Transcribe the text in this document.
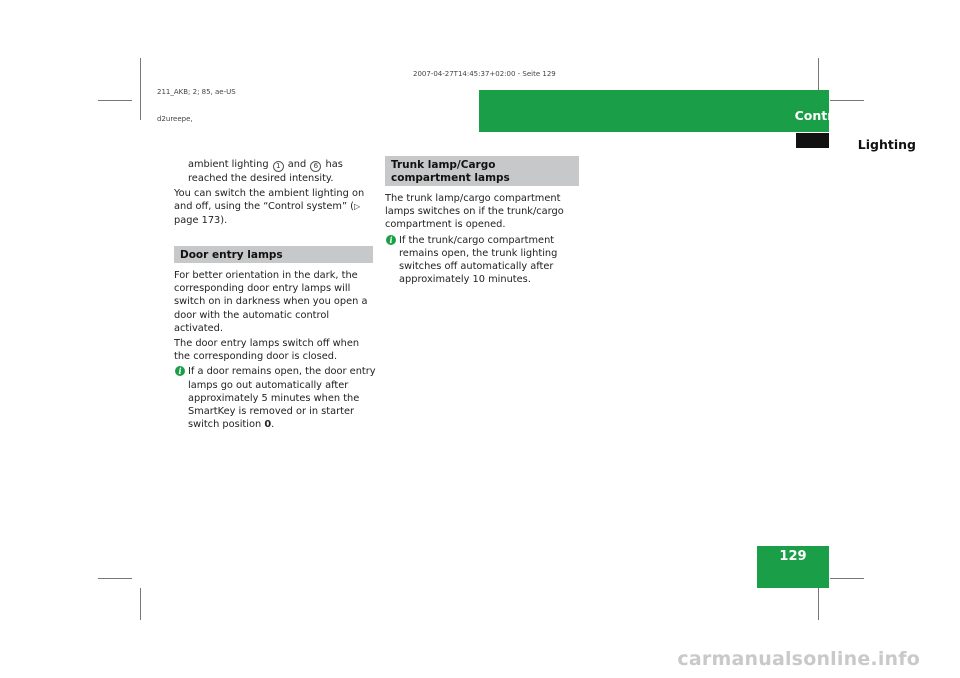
211_AKB; 2; 85, ae-US

d2ureepe,

2007-04-27T14:45:37+02:00 - Seite 129
Controls in detail
Lighting

ambient lighting 1 and 6 has reached the desired intensity.

You can switch the ambient lighting on and off, using the “Control system” (▷ page 173).

Door entry lamps

For better orientation in the dark, the corresponding door entry lamps will switch on in darkness when you open a door with the automatic control activated.

The door entry lamps switch off when the corresponding door is closed.

i If a door remains open, the door entry lamps go out automatically after approximately 5 minutes when the SmartKey is removed or in starter switch position 0.

Trunk lamp/Cargo compartment lamps

The trunk lamp/cargo compartment lamps switches on if the trunk/cargo compartment is opened.

i If the trunk/cargo compartment remains open, the trunk lighting switches off automatically after approximately 10 minutes.

129
carmanualsonline.info
